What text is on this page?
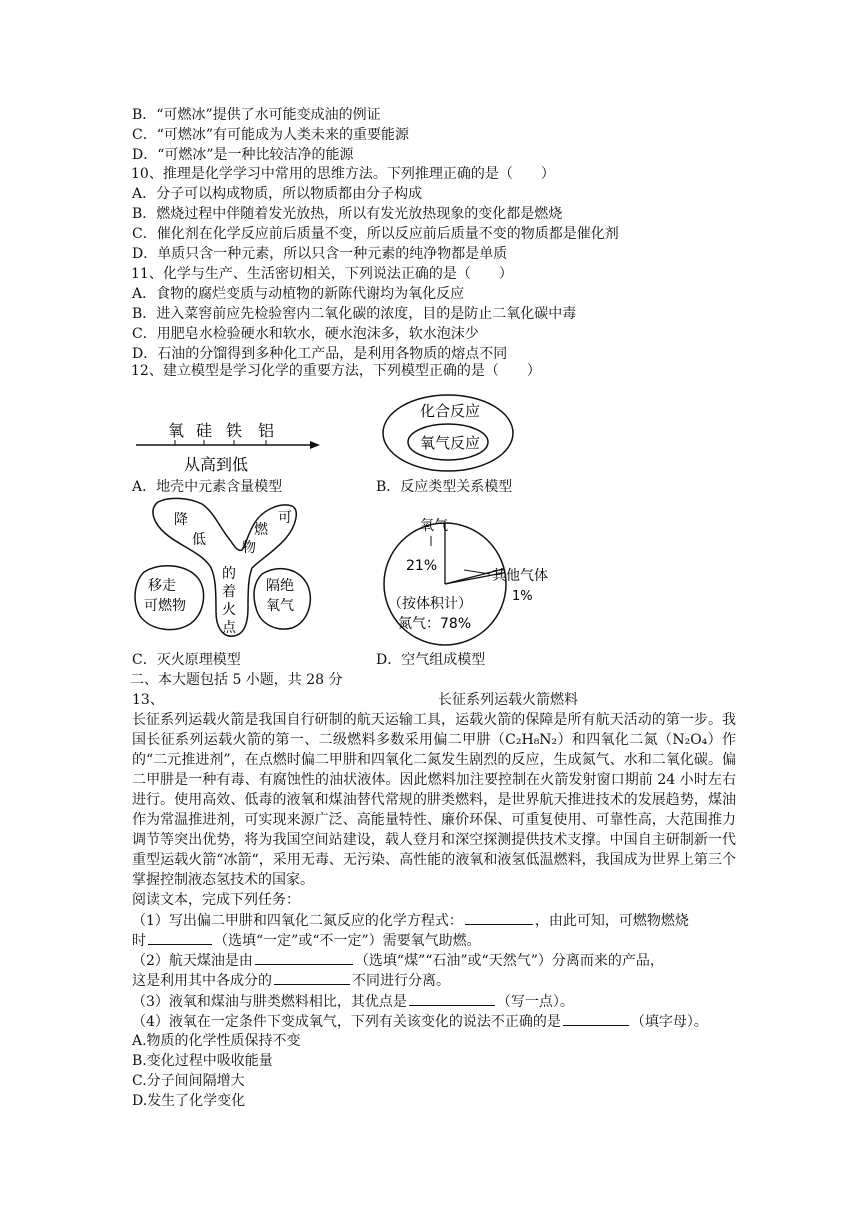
B．“可燃冰”提供了水可能变成油的例证
C．“可燃冰”有可能成为人类未来的重要能源
D．“可燃冰”是一种比较洁净的能源
10、推理是化学学习中常用的思维方法。下列推理正确的是（　　）
A．分子可以构成物质，所以物质都由分子构成
B．燃烧过程中伴随着发光放热，所以有发光放热现象的变化都是燃烧
C．催化剂在化学反应前后质量不变，所以反应前后质量不变的物质都是催化剂
D．单质只含一种元素，所以只含一种元素的纯净物都是单质
11、化学与生产、生活密切相关，下列说法正确的是（　　）
A．食物的腐烂变质与动植物的新陈代谢均为氧化反应
B．进入菜窖前应先检验窖内二氧化碳的浓度，目的是防止二氧化碳中毒
C．用肥皂水检验硬水和软水，硬水泡沫多，软水泡沫少
D．石油的分馏得到多种化工产品，是利用各物质的熔点不同
12、建立模型是学习化学的重要方法，下列模型正确的是（　　）
氧 硅 铁 铝
从高到低
A．地壳中元素含量模型
化合反应
氧气反应
B．反应类型关系模型
降
低
可
燃
物
的
着
火
点
移走
可燃物
隔绝
氧气
C．灭火原理模型
氧气
21%
其他气体
1%
（按体积计）
氮气：78%
D．空气组成模型
二、本大题包括 5 小题，共 28 分
13、	长征系列运载火箭燃料
长征系列运载火箭是我国自行研制的航天运输工具，运载火箭的保障是所有航天活动的第一步。我国长征系列运载火箭的第一、二级燃料多数采用偏二甲肼（C₂H₈N₂）和四氧化二氮（N₂O₄）作的“二元推进剂”，在点燃时偏二甲肼和四氧化二氮发生剧烈的反应，生成氮气、水和二氧化碳。偏二甲肼是一种有毒、有腐蚀性的油状液体。因此燃料加注要控制在火箭发射窗口期前 24 小时左右进行。使用高效、低毒的液氧和煤油替代常规的肼类燃料，是世界航天推进技术的发展趋势，煤油作为常温推进剂，可实现来源广泛、高能量特性、廉价环保、可重复使用、可靠性高，大范围推力调节等突出优势，将为我国空间站建设，载人登月和深空探测提供技术支撑。中国自主研制新一代重型运载火箭“冰箭“，采用无毒、无污染、高性能的液氧和液氢低温燃料，我国成为世界上第三个掌握控制液态氢技术的国家。
阅读文本，完成下列任务：
（1）写出偏二甲肼和四氧化二氮反应的化学方程式：	，由此可知，可燃物燃烧
时	（选填“一定”或“不一定”）需要氧气助燃。
（2）航天煤油是由	（选填“煤”“石油”或“天然气”）分离而来的产品，
这是利用其中各成分的	不同进行分离。
（3）液氧和煤油与肼类燃料相比，其优点是	（写一点）。
（4）液氧在一定条件下变成氧气，下列有关该变化的说法不正确的是	（填字母）。
A.物质的化学性质保持不变
B.变化过程中吸收能量
C.分子间间隔增大
D.发生了化学变化
